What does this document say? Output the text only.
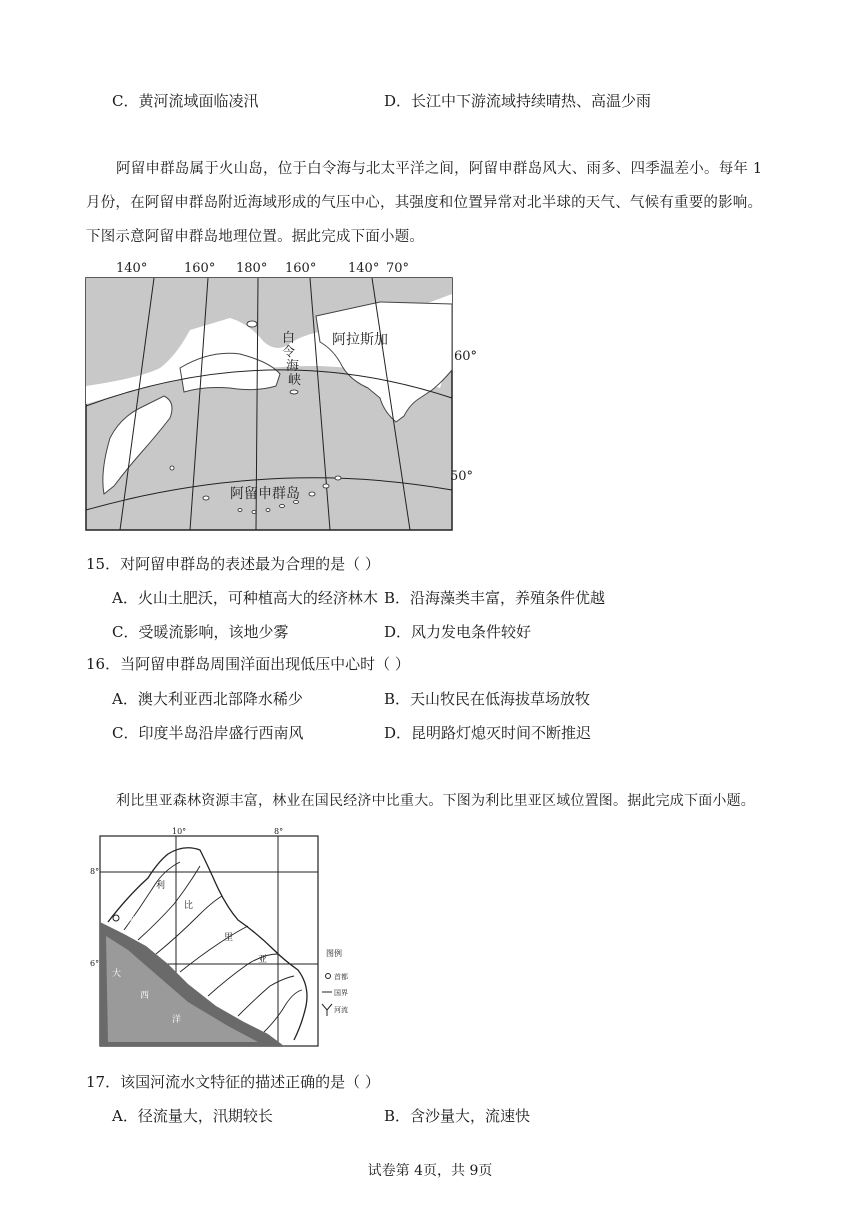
C．黄河流域面临凌汛	D．长江中下游流域持续晴热、高温少雨
阿留申群岛属于火山岛，位于白令海与北太平洋之间，阿留申群岛风大、雨多、四季温差小。每年 1
月份，在阿留申群岛附近海域形成的气压中心，其强度和位置异常对北半球的天气、气候有重要的影响。
下图示意阿留申群岛地理位置。据此完成下面小题。
140°	160° 180° 160° 140° 70°
60°
50°
阿拉斯加
白
令
海
峡
阿留申群岛
15．对阿留申群岛的表述最为合理的是（ ）
A．火山土肥沃，可种植高大的经济林木 B．沿海藻类丰富，养殖条件优越
C．受暖流影响，该地少雾	D．风力发电条件较好
16．当阿留申群岛周围洋面出现低压中心时（ ）
A．澳大利亚西北部降水稀少	B．天山牧民在低海拔草场放牧
C．印度半岛沿岸盛行西南风	D．昆明路灯熄灭时间不断推迟
利比里亚森林资源丰富，林业在国民经济中比重大。下图为利比里亚区域位置图。据此完成下面小题。
10°	8°
8°
6°
利
比
里
亚
大
西
洋
蒙罗维亚
图例
首都
国界
河流
17．该国河流水文特征的描述正确的是（ ）
A．径流量大，汛期较长	B．含沙量大，流速快
试卷第 4页，共 9页
